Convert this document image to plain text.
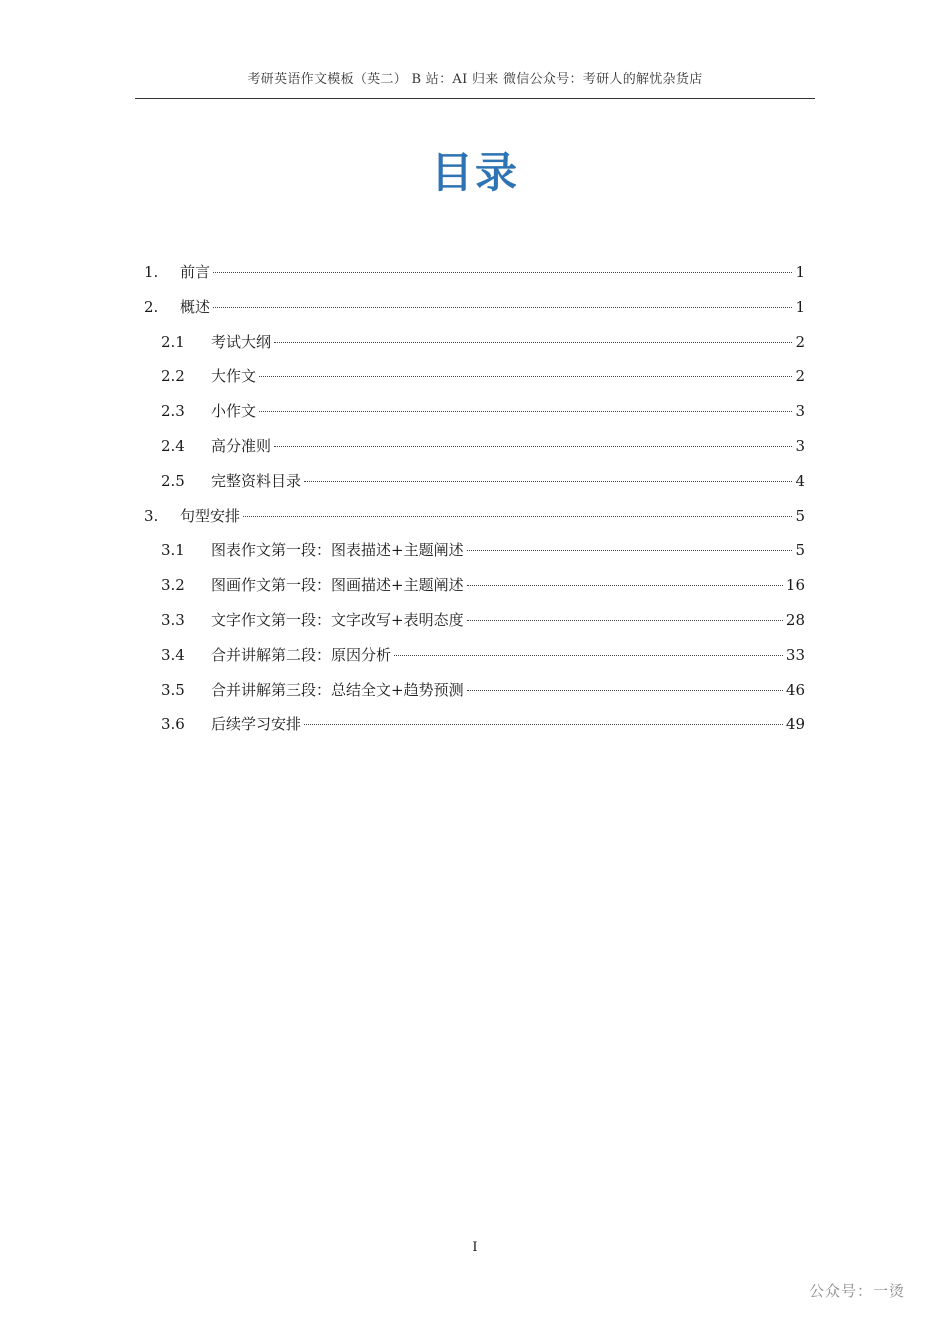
考研英语作文模板（英二） B 站：AI 归来 微信公众号：考研人的解忧杂货店
目录
1.	前言	1
2.	概述	1
2.1	考试大纲	2
2.2	大作文	2
2.3	小作文	3
2.4	高分准则	3
2.5	完整资料目录	4
3.	句型安排	5
3.1	图表作文第一段：图表描述+主题阐述	5
3.2	图画作文第一段：图画描述+主题阐述	16
3.3	文字作文第一段：文字改写+表明态度	28
3.4	合并讲解第二段：原因分析	33
3.5	合并讲解第三段：总结全文+趋势预测	46
3.6	后续学习安排	49
I
公众号：一烫
